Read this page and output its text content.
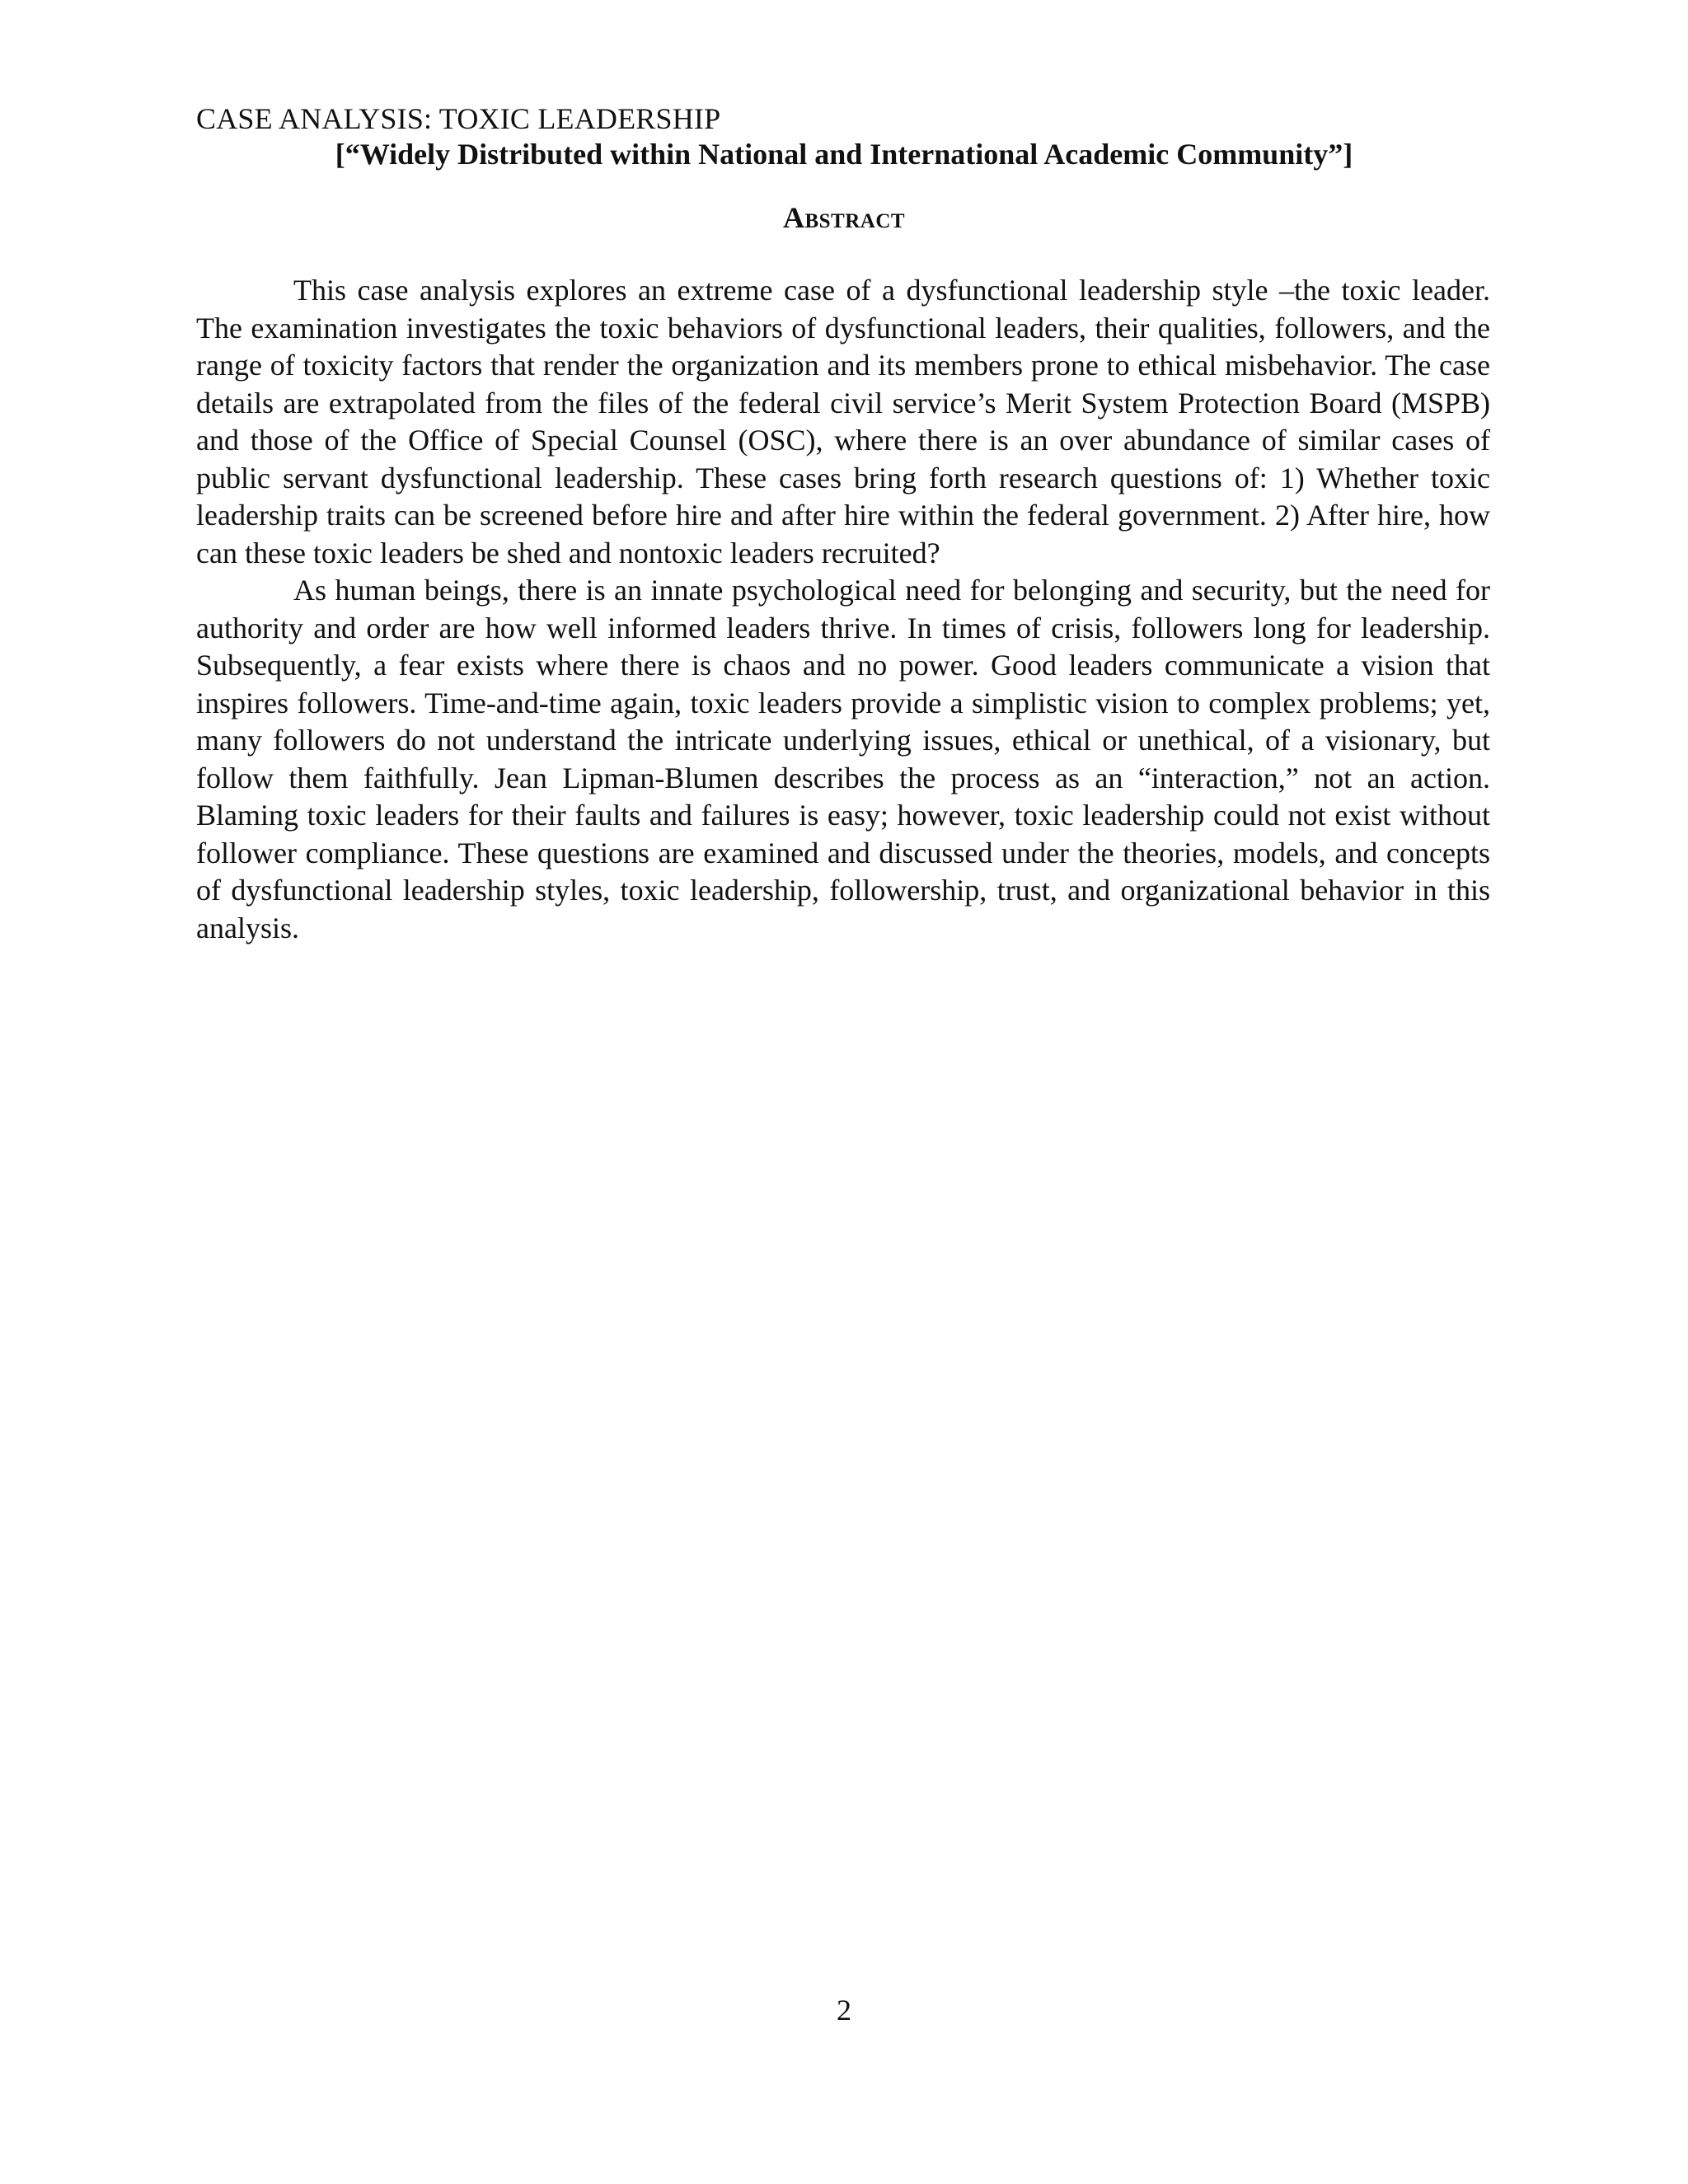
CASE ANALYSIS: TOXIC LEADERSHIP
[“Widely Distributed within National and International Academic Community”]
Abstract

This case analysis explores an extreme case of a dysfunctional leadership style –the toxic leader. The examination investigates the toxic behaviors of dysfunctional leaders, their qualities, followers, and the range of toxicity factors that render the organization and its members prone to ethical misbehavior. The case details are extrapolated from the files of the federal civil service’s Merit System Protection Board (MSPB) and those of the Office of Special Counsel (OSC), where there is an over abundance of similar cases of public servant dysfunctional leadership. These cases bring forth research questions of: 1) Whether toxic leadership traits can be screened before hire and after hire within the federal government. 2) After hire, how can these toxic leaders be shed and nontoxic leaders recruited?

As human beings, there is an innate psychological need for belonging and security, but the need for authority and order are how well informed leaders thrive. In times of crisis, followers long for leadership. Subsequently, a fear exists where there is chaos and no power. Good leaders communicate a vision that inspires followers. Time-and-time again, toxic leaders provide a simplistic vision to complex problems; yet, many followers do not understand the intricate underlying issues, ethical or unethical, of a visionary, but follow them faithfully. Jean Lipman-Blumen describes the process as an “interaction,” not an action. Blaming toxic leaders for their faults and failures is easy; however, toxic leadership could not exist without follower compliance. These questions are examined and discussed under the theories, models, and concepts of dysfunctional leadership styles, toxic leadership, followership, trust, and organizational behavior in this analysis.

2
